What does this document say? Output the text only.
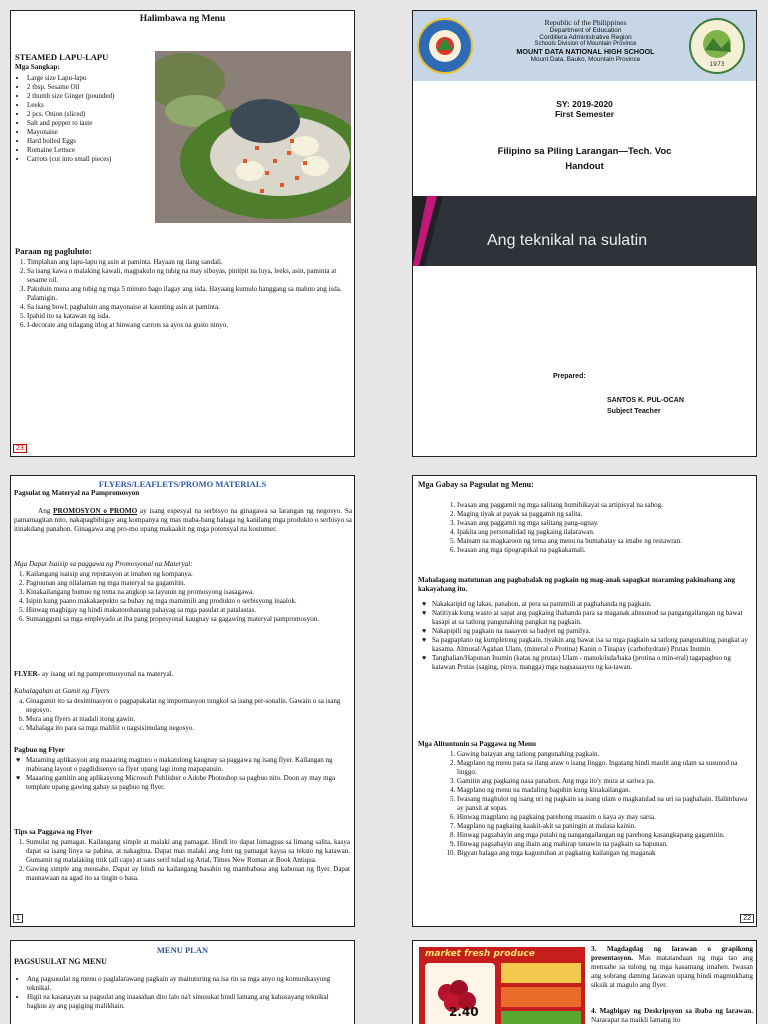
Halimbawa ng Menu
STEAMED LAPU-LAPU
Mga Sangkap:
• Large size Lapu-lapu
• 2 tbsp. Sesame Oil
• 2 thumb size Ginger (pounded)
• Leeks
• 2 pcs. Onion (sliced)
• Salt and pepper to taste
• Mayonaise
• Hard boiled Eggs
• Romaine Lettuce
• Carrots (cut into small pieces)
Paraan ng pagluluto:
1. Timplahan ang lapu-lapu ng asin at paminta. Hayaan ng ilang sandali.
2. Sa isang kawa o malaking kawali, magpakulo ng tubig na may sibuyas, pinitpit na luya, leeks, asin, paminta at sesame oil.
3. Pakuluin muna ang tubig ng mga 5 minuto bago ilagay ang isda. Hayaang kumulo hanggang sa maluto ang isda. Palamigin.
4. Sa isang bowl, paghaluin ang mayonaise at kaunting asin at paminta.
5. Ipahid ito sa katawan ng isda.
6. I-decorate ang nilagang itlog at hinwang carrots sa ayos na gusto ninyo.
23
1973
Republic of the Philippines
Department of Education
Cordillera Administrative Region
Schools Division of Mountain Province
MOUNT DATA NATIONAL HIGH SCHOOL
Mount Data, Bauko, Mountain Province
SY: 2019-2020
First Semester
Filipino sa Piling Larangan—Tech. Voc
Handout
Ang teknikal na sulatin
Prepared:
SANTOS K. PUL-OCAN
Subject Teacher
FLYERS/LEAFLETS/PROMO MATERIALS
Pagsulat ng Materyal na Pampromosyon
Ang PROMOSYON o PROMO ay isang espesyal na serbisyo na ginagawa sa larangan ng negosyo. Sa pamamagitan nito, nakapagbibigay ang kompanya ng mas maba-bang halaga ng kanilang mga produkto o serbisyo sa itinakdang panahon. Ginagawa ang pro-mo upang makaakit ng mga potensyal na kostumer.
Mga Dapat Isaisip sa paggawa ng Promosyonal na Materyal:
1. Kailangang isaisip ang reputasyon at imahen ng kompanya.
2. Pagtuunan ang nilalaman ng mga materyal na gagamitin.
3. Kinakailangang bumuo ng tema na angkop sa layunin ng promosyong isasagawa.
4. Isipin kung paano makakaepekto sa buhay ng mga mamimili ang produkto o serbisyong inaalok.
5. Hinwag magbigay ng hindi makatotohanang pahayag sa mga pasulat at patalastas.
6. Sumangguni sa mga empleyado at iba pang propesyonal kaugnay sa gagawing materyal pampromosyon.
FLYER- ay isang uri ng pampromosyonal na materyal.
Kahalagahan at Gamit ng Flyers
a. Ginagamit ito sa desiminasyon o pagpapakalat ng impormasyon tungkol sa isang per-sonalin. Gawain o sa isang negosyo.
b. Mura ang flyers at madali itong gawin.
c. Mahalaga ito para sa mga maliliit o nagsisimulang negosyo.
Pagbuo ng Flyer
♥ Maraming aplikasyon ang maaaring magturo o makatulong kaugnay sa paggawa ng isang flyer. Kailangan ng mabisang layout o pagdidisenyo sa flyer upang lagi itong mapapansin.
♥ Maaaring gamitin ang aplikasyong Microsoft Publisher o Adobe Photoshop sa pagbuo nito. Doon ay may mga template upang gawing gabay sa pagbuo ng flyer.
Tips sa Paggawa ng Flyer
1. Sumulat ng pamagat. Kailangang simple at malaki ang pamagat. Hindi ito dapat lumagpas sa limang salita, kasya dapat sa isang linya sa pahina, at nakagitna. Dapat mas malaki ang font ng pamagat kaysa sa teksto ng katawan. Gumamit ng malalaking titik (all caps) at sans serif tulad ng Arial, Times New Roman at Book Antiqua.
2. Gawing simple ang mensahe. Dapat ay hindi na kailangang basahin ng mambabasa ang kabuuan ng flyer. Dapat maunawaan na agad ito sa tingin o basa.
1
Mga Gabay sa Pagsulat ng Menu:
1. Iwasan ang paggamit ng mga salitang humihikayat sa artipisyal na sahog.
2. Maging tiyak at payak sa paggamit ng salita.
3. Iwasan ang paggamit ng mga salitang pang-ugnay.
4. Ipakita ang personalidad ng pagkaing ilalarawan.
5. Mainam na magkaroon ng tema ang menu na bumabatay sa imahe ng restawran.
6. Iwasan ang mga tipograpikal na pagkakamali.
Mahalagang matutunan ang pagbabalak ng pagkain ng mag-anak sapagkat maraming pakinabang ang kakayahang ito.
♥ Nakakatipid ng lakas, panahon, at pera sa pamimili at paghahanda ng pagkain.
♥ Natitiyak kung wasto at sapat ang pagkaing ihahanda para sa maganak alinsunod sa pangangailangan ng bawat kasapi at sa tatlong pangunahing pangkat ng pagkain.
♥ Nakapipili ng pagkain na naaayon sa badyet ng pamilya.
♥ Sa pagpaplano ng kumpletong pagkain, tiyakin ang bawat isa sa mga pagkain sa tatlong pangunahing pangkat ay kasama. Almusal/Agahan Ulam, (mineral o Protina) Kanin o Tinapay (carbohydrate) Prutas Inumin
♥ Tanghalian/Hapunan Inumin (katas ng prutas) Ulam - manok/isda/baka (protina o min-eral) tagapagbuo ng katawan Prutas (saging, pinya, mangga) mga nagsasaayos ng ka-tawan.
Mga Alituntunin sa Paggawa ng Menu
1. Gawing batayan ang tatlong pangunahing pagkain.
2. Magplano ng menu para sa ilang araw o isang linggo. Ingatang hindi maulit ang ulam sa susunod na linggo.
3. Gamitin ang pagkaing nasa panahon. Ang mga ito'y mura at sariwa pa.
4. Magplano ng menu na madaling baguhin kung kinakailangan.
5. Iwasang maghulot ng isang uri ng pagkain sa isang ulam o magkatulad na uri sa paghahain. Halimbawa ay pansit at sopas.
6. Hinwag magplano ng pagkaing parehong maasim o kaya ay may sarsa.
7. Magplano ng pagkaing kaakit-akit sa paningin at malasa kainin.
8. Hinwag pagsabayin ang mga putahi ng nangangailangan ng parehong kasangkapang gagamitin.
9. Hinwag pagsabayin ang ihain ang mahirap tunawin na pagkain sa hapunan.
10. Bigyan halaga ang mga kagustuhan at pagkaing kailangan ng maganak
22
MENU PLAN
PAGSUSULAT NG MENU
• Ang pagsusulat ng menu o paglalarawang pagkain ay maituturing na isa rin sa mga anyo ng komunikasyong teknikal.
• Higit na kasanayan sa pagsulat ang inaasahan dito lalo na't sinusukat hindi lamang ang kahusayang teknikal bagkus ay ang pagiging malikhain.
market fresh produce
2.40
3. Magdagdag ng larawan o grapikong presentasyon. Mas matatandaan ng mga tao ang mensahe sa tulong ng mga kasamang imahen. Iwasan ang sobrang daming larawan upang hindi magmukhang siksik at magulo ang flyer.
4. Magbigay ng Deskripsyon sa ibaba ng larawan. Nararapat na maikli lamang ito
